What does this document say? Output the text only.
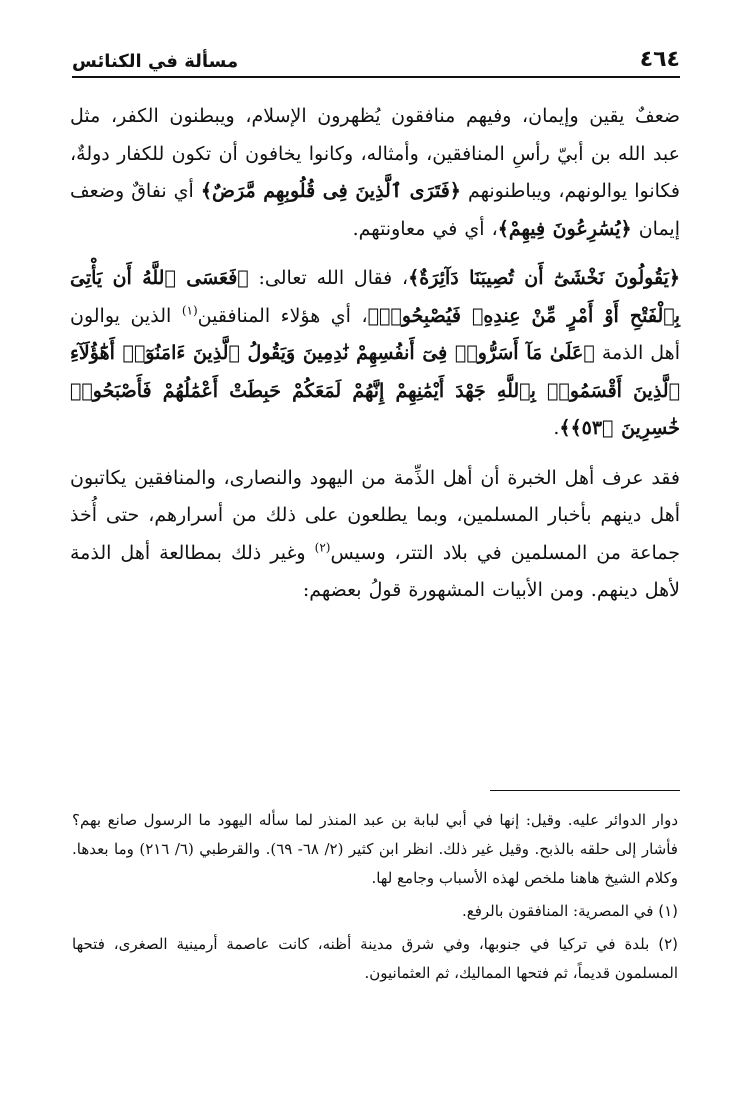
٤٦٤
مسألة في الكنائس

ضعفٌ يقين وإيمان، وفيهم منافقون يُظهرون الإسلام، ويبطنون الكفر، مثل عبد الله بن أبيّ رأسِ المنافقين، وأمثاله، وكانوا يخافون أن تكون للكفار دولةٌ، فكانوا يوالونهم، ويباطنونهم ﴿فَتَرَى ٱلَّذِينَ فِى قُلُوبِهِم مَّرَضٌ﴾ أي نفاقٌ وضعف إيمان ﴿يُسَٰرِعُونَ فِيهِمْ﴾، أي في معاونتهم.

﴿يَقُولُونَ نَخْشَىٰٓ أَن تُصِيبَنَا دَآئِرَةٌ﴾، فقال الله تعالى: ﴿فَعَسَى ٱللَّهُ أَن يَأْتِىَ بِٱلْفَتْحِ أَوْ أَمْرٍ مِّنْ عِندِهِۦ فَيُصْبِحُوا۟﴾، أي هؤلاء المنافقين$^{(١)}$ الذين يوالون أهل الذمة ﴿عَلَىٰ مَآ أَسَرُّوا۟ فِىٓ أَنفُسِهِمْ نَٰدِمِينَ وَيَقُولُ ٱلَّذِينَ ءَامَنُوٓا۟ أَهَٰٓؤُلَآءِ ٱلَّذِينَ أَقْسَمُوا۟ بِٱللَّهِ جَهْدَ أَيْمَٰنِهِمْ إِنَّهُمْ لَمَعَكُمْ حَبِطَتْ أَعْمَٰلُهُمْ فَأَصْبَحُوا۟ خَٰسِرِينَ ﴿٥٣﴾﴾.

فقد عرف أهل الخبرة أن أهل الذِّمة من اليهود والنصارى، والمنافقين يكاتبون أهل دينهم بأخبار المسلمين، وبما يطلعون على ذلك من أسرارهم، حتى أُخذ جماعة من المسلمين في بلاد التتر، وسيس$^{(٢)}$ وغير ذلك بمطالعة أهل الذمة لأهل دينهم. ومن الأبيات المشهورة قولُ بعضهم:

دوار الدوائر عليه. وقيل: إنها في أبي لبابة بن عبد المنذر لما سأله اليهود ما الرسول صانع بهم؟ فأشار إلى حلقه بالذبح. وقيل غير ذلك. انظر ابن كثير (٢/ ٦٨- ٦٩). والقرطبي (٦/ ٢١٦) وما بعدها. وكلام الشيخ هاهنا ملخص لهذه الأسباب وجامع لها.

(١) في المصرية: المنافقون بالرفع.

(٢) بلدة في تركيا في جنوبها، وفي شرق مدينة أظنه، كانت عاصمة أرمينية الصغرى، فتحها المسلمون قديماً، ثم فتحها المماليك، ثم العثمانيون.
